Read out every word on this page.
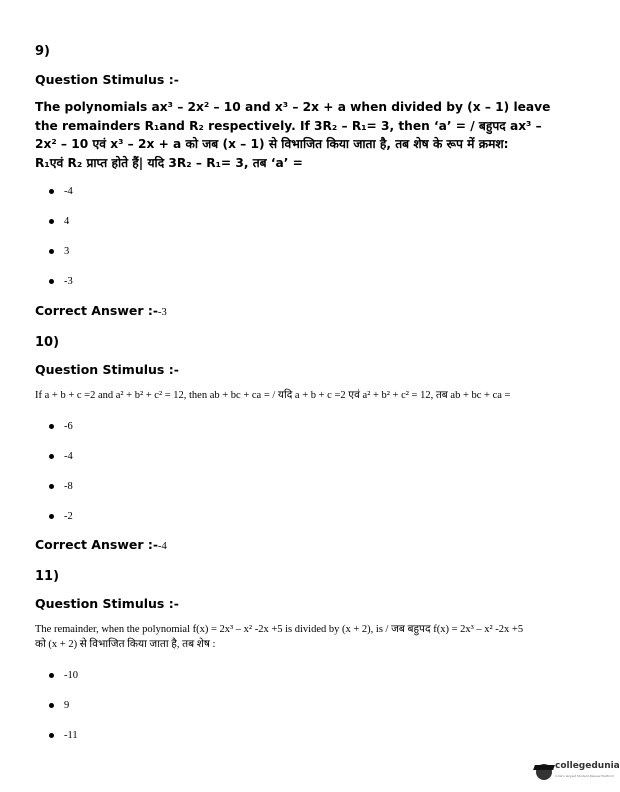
9)
Question Stimulus :-
The polynomials ax³ – 2x² – 10 and x³ – 2x + a when divided by (x – 1) leave
the remainders R₁and R₂ respectively. If 3R₂ – R₁= 3, then ‘a’ = / बहुपद ax³ –
2x² – 10 एवं x³ – 2x + a को जब (x – 1) से विभाजित किया जाता है, तब शेष के रूप में क्रमश:
R₁एवं R₂ प्राप्त होते हैं| यदि 3R₂ – R₁= 3, तब ‘a’ =
-4
4
3
-3
Correct Answer :--3
10)
Question Stimulus :-
If a + b + c =2 and a² + b² + c² = 12, then ab + bc + ca = / यदि a + b + c =2 एवं a² + b² + c² = 12, तब ab + bc + ca =
-6
-4
-8
-2
Correct Answer :--4
11)
Question Stimulus :-
The remainder, when the polynomial f(x) = 2x³ – x² -2x +5 is divided by (x + 2), is / जब बहुपद f(x) = 2x³ – x² -2x +5
को (x + 2) से विभाजित किया जाता है, तब शेष :
-10
9
-11
collegedunia
India's largest Student Review Platform
